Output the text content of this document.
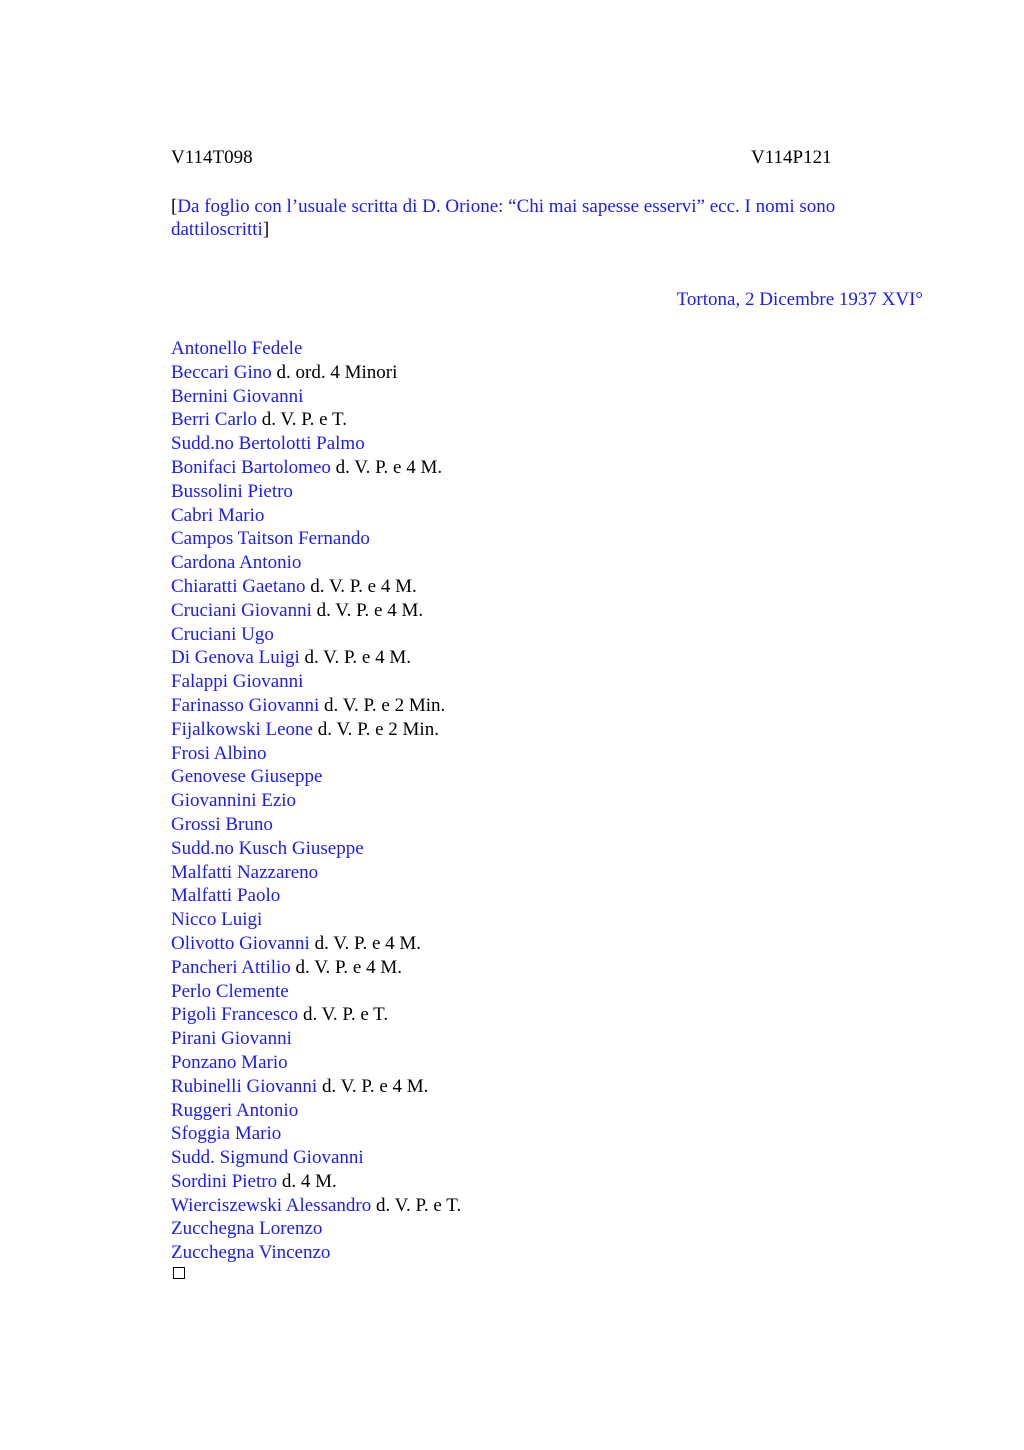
V114T098	V114P121
[Da foglio con l’usuale scritta di D. Orione: “Chi mai sapesse esservi” ecc. I nomi sono dattiloscritti]
Tortona, 2 Dicembre 1937 XVI°
Antonello Fedele
Beccari Gino d. ord. 4 Minori
Bernini Giovanni
Berri Carlo d. V. P. e T.
Sudd.no Bertolotti Palmo
Bonifaci Bartolomeo d. V. P. e 4 M.
Bussolini Pietro
Cabri Mario
Campos Taitson Fernando
Cardona Antonio
Chiaratti Gaetano d. V. P. e 4 M.
Cruciani Giovanni d. V. P. e 4 M.
Cruciani Ugo
Di Genova Luigi d. V. P. e 4 M.
Falappi Giovanni
Farinasso Giovanni d. V. P. e 2 Min.
Fijalkowski Leone d. V. P. e 2 Min.
Frosi Albino
Genovese Giuseppe
Giovannini Ezio
Grossi Bruno
Sudd.no Kusch Giuseppe
Malfatti Nazzareno
Malfatti Paolo
Nicco Luigi
Olivotto Giovanni d. V. P. e 4 M.
Pancheri Attilio d. V. P. e 4 M.
Perlo Clemente
Pigoli Francesco d. V. P. e T.
Pirani Giovanni
Ponzano Mario
Rubinelli Giovanni d. V. P. e 4 M.
Ruggeri Antonio
Sfoggia Mario
Sudd. Sigmund Giovanni
Sordini Pietro d. 4 M.
Wierciszewski Alessandro d. V. P. e T.
Zucchegna Lorenzo
Zucchegna Vincenzo
